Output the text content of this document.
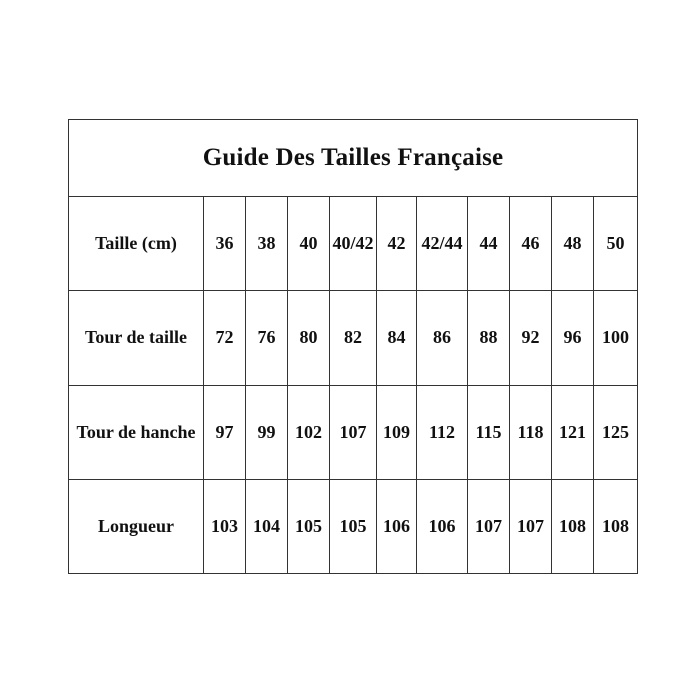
Guide Des Tailles Française										
Taille (cm)	36	38	40	40/42	42	42/44	44	46	48	50
Tour de taille	72	76	80	82	84	86	88	92	96	100
Tour de hanche	97	99	102	107	109	112	115	118	121	125
Longueur	103	104	105	105	106	106	107	107	108	108
